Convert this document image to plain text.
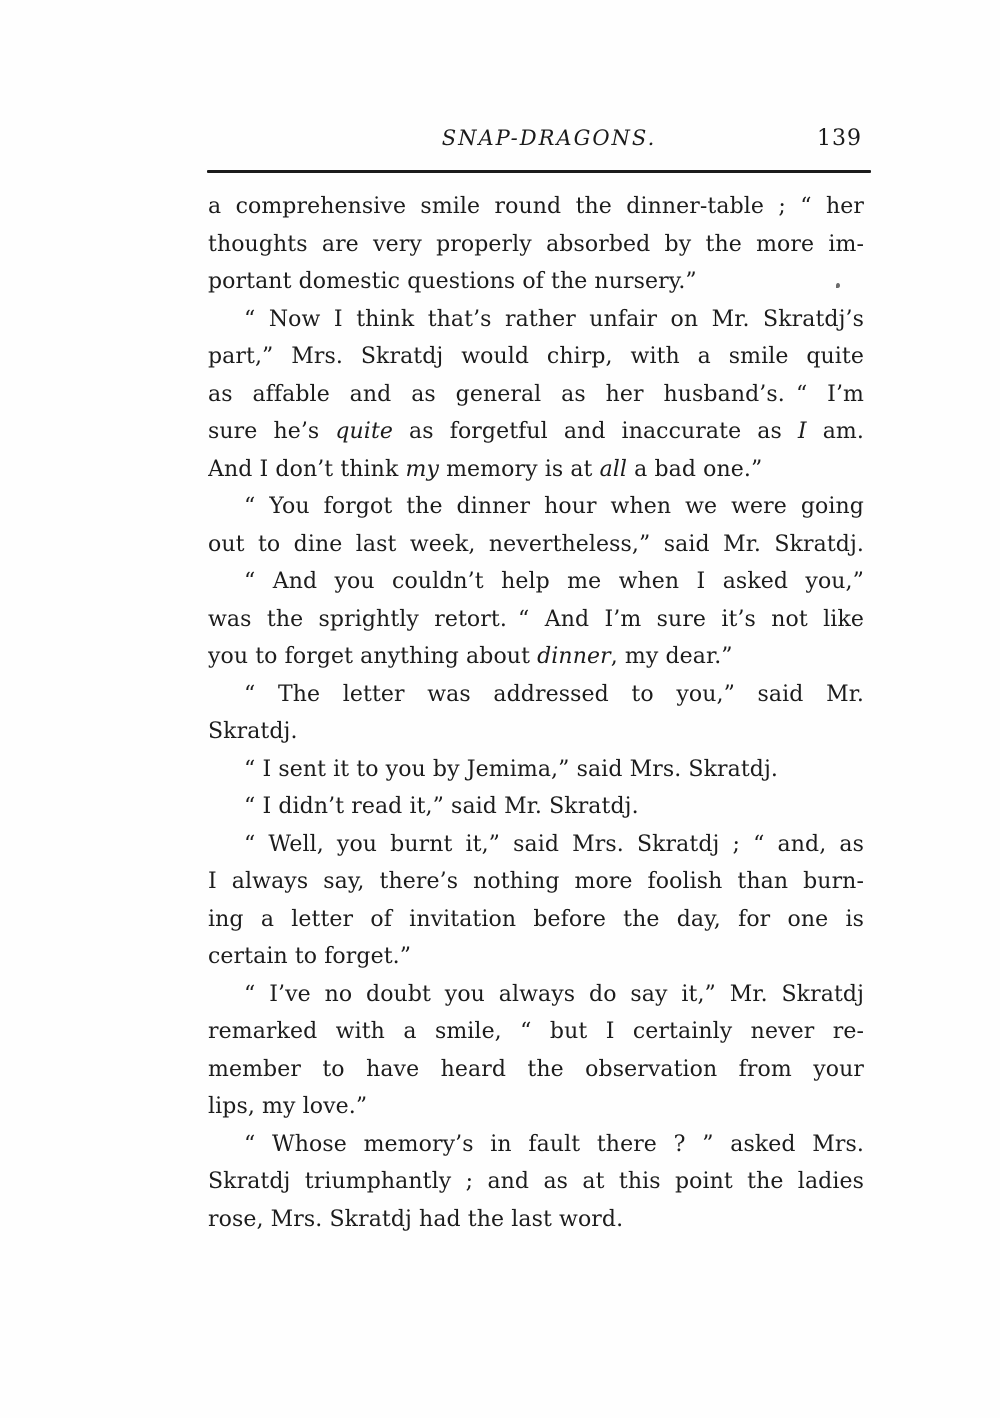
SNAP-DRAGONS.	139
a comprehensive smile round the dinner-table ; “ her
thoughts are very properly absorbed by the more im-
portant domestic questions of the nursery.”
“ Now I think that’s rather unfair on Mr. Skratdj’s
part,” Mrs. Skratdj would chirp, with a smile quite
as affable and as general as her husband’s. “ I’m
sure he’s quite as forgetful and inaccurate as I am.
And I don’t think my memory is at all a bad one.”
“ You forgot the dinner hour when we were going
out to dine last week, nevertheless,” said Mr. Skratdj.
“ And you couldn’t help me when I asked you,”
was the sprightly retort. “ And I’m sure it’s not like
you to forget anything about dinner, my dear.”
“ The letter was addressed to you,” said Mr.
Skratdj.
“ I sent it to you by Jemima,” said Mrs. Skratdj.
“ I didn’t read it,” said Mr. Skratdj.
“ Well, you burnt it,” said Mrs. Skratdj ; “ and, as
I always say, there’s nothing more foolish than burn-
ing a letter of invitation before the day, for one is
certain to forget.”
“ I’ve no doubt you always do say it,” Mr. Skratdj
remarked with a smile, “ but I certainly never re-
member to have heard the observation from your
lips, my love.”
“ Whose memory’s in fault there ? ” asked Mrs.
Skratdj triumphantly ; and as at this point the ladies
rose, Mrs. Skratdj had the last word.
